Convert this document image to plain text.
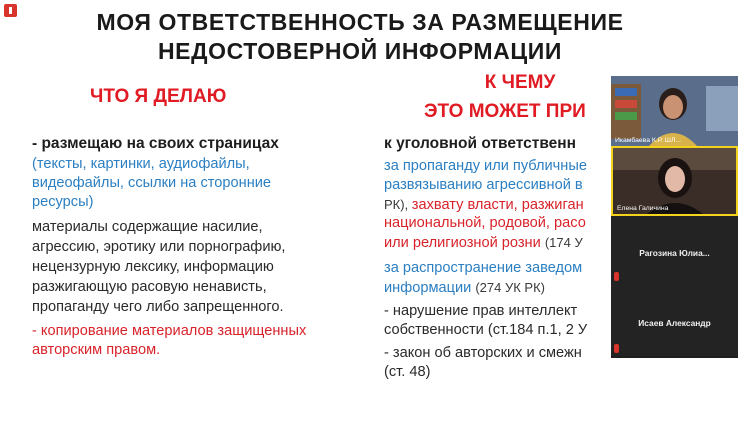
МОЯ ОТВЕТСТВЕННОСТЬ ЗА РАЗМЕЩЕНИЕ
НЕДОСТОВЕРНОЙ ИНФОРМАЦИИ
ЧТО Я ДЕЛАЮ
К ЧЕМУ
ЭТО МОЖЕТ ПРИ
- размещаю на своих страницах
(тексты, картинки, аудиофайлы,
видеофайлы, ссылки на сторонние
ресурсы)
материалы содержащие насилие,
агрессию, эротику или порнографию,
нецензурную лексику, информацию
разжигающую расовую ненависть,
пропаганду чего либо запрещенного.
- копирование материалов защищенных
авторским правом.
к уголовной ответственн
за пропаганду или публичные
развязыванию агрессивной в
РК), захвату власти, разжиган
национальной, родовой, расо
или религиозной розни (174 У
за распространение заведом
информации (274 УК РК)
- нарушение прав интеллект
собственности (ст.184 п.1, 2 У
- закон об авторских и смежн
(ст. 48)
Икамбаева К.Р. ШЛ...
Елена Галичина
Рагозина Юлиа...
Исаев Александр
